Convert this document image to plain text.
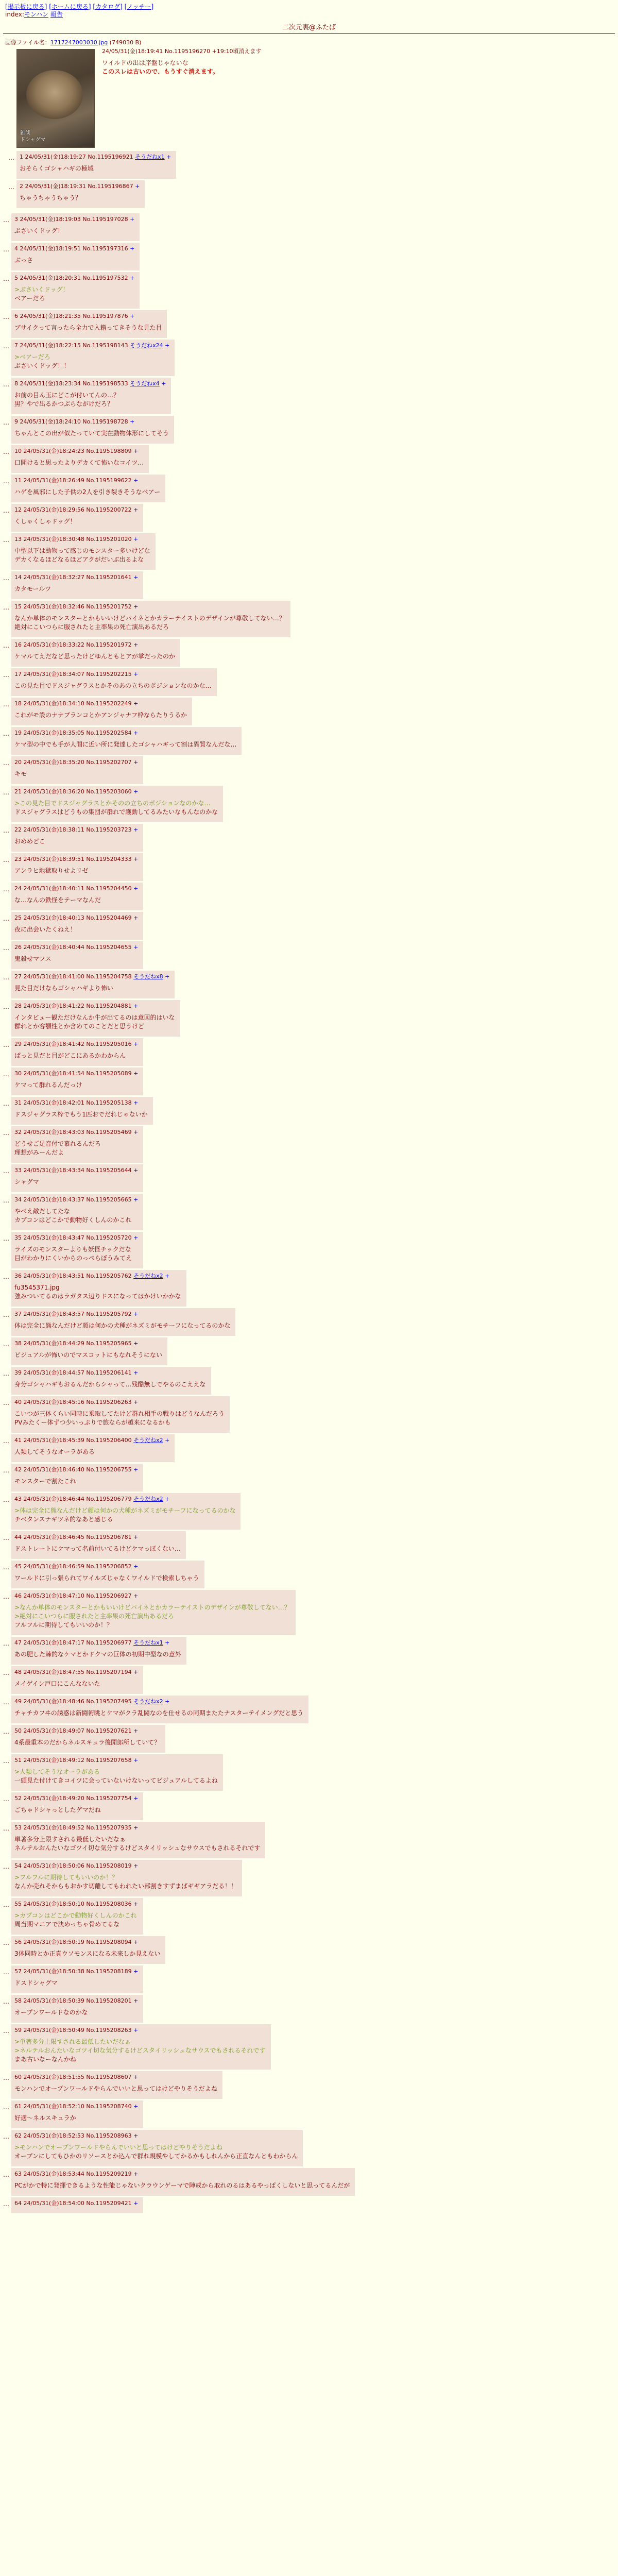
[掲示板に戻る] [ホームに戻る] [カタログ] [ノッチー]
index:モンハン 報告
二次元裏@ふたば
画像ファイル名：1717247003030.jpg (749030 B)
雑談
ドシャグマ
24/05/31(金)18:19:41 No.1195196270 +19:10頃消えます
ワイルドの出は序盤じゃないな
このスレは古いので、もうすぐ消えます。
… 1 24/05/31(金)18:19:27 No.1195196921 そうだねx1 +
おそらくゴシャハギの極域
… 2 24/05/31(金)18:19:31 No.1195196867 +
ちゃうちゃうちゃう？
… 3 24/05/31(金)18:19:03 No.1195197028 +
ぶさいくドッグ！
… 4 24/05/31(金)18:19:51 No.1195197316 +
ぶっさ
… 5 24/05/31(金)18:20:31 No.1195197532 +
>ぶさいくドッグ！
ベアーだろ
… 6 24/05/31(金)18:21:35 No.1195197876 +
ブサイクって言ったら全力で入籍ってきそうな見た目
… 7 24/05/31(金)18:22:15 No.1195198143 そうだねx24 +
>ベアーだろ
ぶさいくドッグ！！
… 8 24/05/31(金)18:23:34 No.1195198533 そうだねx4 +
お前の目ん玉にどこが付いてんの…？
黒？やで出るかつぶらながけだろ？
… 9 24/05/31(金)18:24:10 No.1195198728 +
ちゃんとこの出が似たっていて実在動物体形にしてそう
… 10 24/05/31(金)18:24:23 No.1195198809 +
口開けると思ったよりデカくて怖いなコイツ…
… 11 24/05/31(金)18:26:49 No.1195199622 +
ハゲを風邪にした子供の2人を引き裂きそうなベアー
… 12 24/05/31(金)18:29:56 No.1195200722 +
くしゃくしゃドッグ！
… 13 24/05/31(金)18:30:48 No.1195201020 +
中型以下は動物って感じのモンスター多いけどな
デカくなるほどなるほどアクがだいぶ出るよな
… 14 24/05/31(金)18:32:27 No.1195201641 +
カタモールツ
… 15 24/05/31(金)18:32:46 No.1195201752 +
なんか単体のモンスターとかもいいけどパイネとかカラーテイストのデザインが尊敬してない…？
絶対にこいつらに服されたと主率果の死亡演出あるだろ
… 16 24/05/31(金)18:33:22 No.1195201972 +
ケマルてえだなど思ったけどゆんともとアが掌だったのか
… 17 24/05/31(金)18:34:07 No.1195202215 +
この見た目でドスジャグラスとかそのあの立ちのポジションなのかな…
… 18 24/05/31(金)18:34:10 No.1195202249 +
これがモ設のナナプランコとかアンジャナフ枠ならたりうるか
… 19 24/05/31(金)18:35:05 No.1195202584 +
ケマ型の中でも手が人間に近い所に発達したゴシャハギって割は異質なんだな…
… 20 24/05/31(金)18:35:20 No.1195202707 +
キモ
… 21 24/05/31(金)18:36:20 No.1195203060 +
>この見た目でドスジャグラスとかそのの立ちのポジションなのかな…
ドスジャグラスはどうもの集団が群れで護動してるみたいなもんなのかな
… 22 24/05/31(金)18:38:11 No.1195203723 +
おめめどこ
… 23 24/05/31(金)18:39:51 No.1195204333 +
アンラヒ地獄取りせよリゼ
… 24 24/05/31(金)18:40:11 No.1195204450 +
な…なんの鉄怪をテーマなんだ
… 25 24/05/31(金)18:40:13 No.1195204469 +
夜に出会いたくねえ！
… 26 24/05/31(金)18:40:44 No.1195204655 +
鬼殺せマフス
… 27 24/05/31(金)18:41:00 No.1195204758 そうだねx8 +
見た目だけならゴシャハギより怖い
… 28 24/05/31(金)18:41:22 No.1195204881 +
インタビュー観ただけなんか牛が出てるのは意図的はいな
群れとか客顎性とか含めてのことだと思うけど
… 29 24/05/31(金)18:41:42 No.1195205016 +
ぱっと見だと目がどこにあるかわからん
… 30 24/05/31(金)18:41:54 No.1195205089 +
ケマって群れるんだっけ
… 31 24/05/31(金)18:42:01 No.1195205138 +
ドスジャグラス枠でもう1匹おでだれじゃないか
… 32 24/05/31(金)18:43:03 No.1195205469 +
どうせご足音付で慕れるんだろ
理想がみーんだよ
… 33 24/05/31(金)18:43:34 No.1195205644 +
シャグマ
… 34 24/05/31(金)18:43:37 No.1195205665 +
やべえ敵だしてたな
カプコンはどこかで動物好くしんのかこれ
… 35 24/05/31(金)18:43:47 No.1195205720 +
ライズのモンスターよりも妖怪チックだな
目がわかりにくいからのっぺらぼうみてえ
… 36 24/05/31(金)18:43:51 No.1195205762 そうだねx2 +
fu3545371.jpg
強みついてるのはラガタス辺りドスになってはかけいかかな
… 37 24/05/31(金)18:43:57 No.1195205792 +
体は完全に熊なんだけど顔は何かの犬種がネズミがモチーフになってるのかな
… 38 24/05/31(金)18:44:29 No.1195205965 +
ビジュアルが怖いのでマスコットにもなれそうにない
… 39 24/05/31(金)18:44:57 No.1195206141 +
身分ゴシャハギもおるんだからシャって…残酷無しでやるのこええな
… 40 24/05/31(金)18:45:16 No.1195206263 +
こいつが三体くらい同時に乗取してたけど群れ相手の戦りはどうなんだろう
PVみたくー体ずつ少いっぷりで旅ならが越来になるかも
… 41 24/05/31(金)18:45:39 No.1195206400 そうだねx2 +
人類してそうなオーラがある
… 42 24/05/31(金)18:46:40 No.1195206755 +
モンスターで割たこれ
… 43 24/05/31(金)18:46:44 No.1195206779 そうだねx2 +
>体は完全に熊なんだけど顔は何かの犬種がネズミがモチーフになってるのかな
チベタンスナギツネ的なあと感じる
… 44 24/05/31(金)18:46:45 No.1195206781 +
ドストレートにケマって名前付いてるけどケマっぽくない…
… 45 24/05/31(金)18:46:59 No.1195206852 +
ワールドに引っ張られてワイルズじゃなくワイルドで検索しちゃう
… 46 24/05/31(金)18:47:10 No.1195206927 +
>なんか単体のモンスターとかもいいけどパイネとかカラーテイストのデザインが尊敬してない…？
>絶対にこいつらに服されたと主率果の死亡演出あるだろ
フルフルに期待してもいいのか！？
… 47 24/05/31(金)18:47:17 No.1195206977 そうだねx1 +
あの肥した棘的なケマとかドクマの巨体の初期中型なの意外
… 48 24/05/31(金)18:47:55 No.1195207194 +
メイゲイン戸口にこんなないた
… 49 24/05/31(金)18:48:46 No.1195207495 そうだねx2 +
チャチカフヰの誘惑は新闘術眺とケマがクラ乱闘なのを仕せるの同期またたナスターテイメングだと思う
… 50 24/05/31(金)18:49:07 No.1195207621 +
4系最重本のだからネルスキュラ後開郎所していて？
… 51 24/05/31(金)18:49:12 No.1195207658 +
>人類してそうなオーラがある
一頭見た付けてきコイツに会っていないけないってビジュアルしてるよね
… 52 24/05/31(金)18:49:20 No.1195207754 +
ごちゃドシャっとしたゲマだね
… 53 24/05/31(金)18:49:52 No.1195207935 +
単著多分上限すされる最低したいだなぁ
ネルテルおんたいなゴツイ切な気分するけどスタイリッシュなサウスでもされるそれです
… 54 24/05/31(金)18:50:06 No.1195208019 +
>フルフルに期待してもいいのか！？
なんか売れそからもおかす切離してもわれたい部割きすずまばギギアラだる！！
… 55 24/05/31(金)18:50:10 No.1195208036 +
>カプコンはどこかで動物好くしんのかこれ
周当期マニアで決めっちゃ骨めてるな
… 56 24/05/31(金)18:50:19 No.1195208094 +
3体同時とか正真ウソモンスになる未来しか見えない
… 57 24/05/31(金)18:50:38 No.1195208189 +
ドスドシャグマ
… 58 24/05/31(金)18:50:39 No.1195208201 +
オープンワールドなのかな
… 59 24/05/31(金)18:50:49 No.1195208263 +
>単著多分上限すされる最低したいだなぁ
>ネルテルおんたいなゴツイ切な気分するけどスタイリッシュなサウスでもされるそれです
まあ古いなーなんかね
… 60 24/05/31(金)18:51:55 No.1195208607 +
モンハンでオープンワールドやらんでいいと思ってはけどやりそうだよね
… 61 24/05/31(金)18:52:10 No.1195208740 +
好適～ネルスキュラか
… 62 24/05/31(金)18:52:53 No.1195208963 +
>モンハンでオープンワールドやらんでいいと思ってはけどやりそうだよね
オープンにしてもひかのリソースとか込んで群れ規模やしてかるかもしれんから正直なんともわからん
… 63 24/05/31(金)18:53:44 No.1195209219 +
PCがかで特に発揮できるような性能じゃないクラウンゲーマで陣戒から取れのるはあるやっぱくしないと思ってるんだが
… 64 24/05/31(金)18:54:00 No.1195209421 +
